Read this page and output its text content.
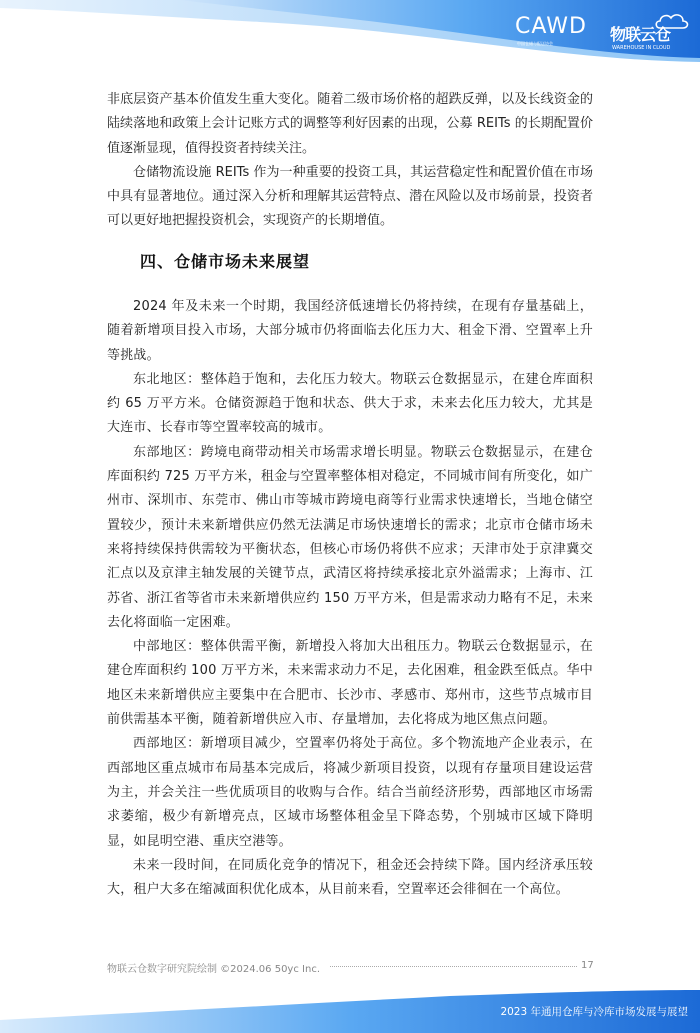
CAWD
中国仓储与配送协会	物联云仓
WAREHOUSE IN CLOUD

非底层资产基本价值发生重大变化。随着二级市场价格的超跌反弹，以及长线资金的陆续落地和政策上会计记账方式的调整等利好因素的出现，公募 REITs 的长期配置价值逐渐显现，值得投资者持续关注。

仓储物流设施 REITs 作为一种重要的投资工具，其运营稳定性和配置价值在市场中具有显著地位。通过深入分析和理解其运营特点、潜在风险以及市场前景，投资者可以更好地把握投资机会，实现资产的长期增值。

四、仓储市场未来展望

2024 年及未来一个时期，我国经济低速增长仍将持续，在现有存量基础上，随着新增项目投入市场，大部分城市仍将面临去化压力大、租金下滑、空置率上升等挑战。

东北地区：整体趋于饱和，去化压力较大。物联云仓数据显示，在建仓库面积约 65 万平方米。仓储资源趋于饱和状态、供大于求，未来去化压力较大，尤其是大连市、长春市等空置率较高的城市。

东部地区：跨境电商带动相关市场需求增长明显。物联云仓数据显示，在建仓库面积约 725 万平方米，租金与空置率整体相对稳定，不同城市间有所变化，如广州市、深圳市、东莞市、佛山市等城市跨境电商等行业需求快速增长，当地仓储空置较少，预计未来新增供应仍然无法满足市场快速增长的需求；北京市仓储市场未来将持续保持供需较为平衡状态，但核心市场仍将供不应求；天津市处于京津冀交汇点以及京津主轴发展的关键节点，武清区将持续承接北京外溢需求；上海市、江苏省、浙江省等省市未来新增供应约 150 万平方米，但是需求动力略有不足，未来去化将面临一定困难。

中部地区：整体供需平衡，新增投入将加大出租压力。物联云仓数据显示，在建仓库面积约 100 万平方米，未来需求动力不足，去化困难，租金跌至低点。华中地区未来新增供应主要集中在合肥市、长沙市、孝感市、郑州市，这些节点城市目前供需基本平衡，随着新增供应入市、存量增加，去化将成为地区焦点问题。

西部地区：新增项目减少，空置率仍将处于高位。多个物流地产企业表示，在西部地区重点城市布局基本完成后，将减少新项目投资，以现有存量项目建设运营为主，并会关注一些优质项目的收购与合作。结合当前经济形势，西部地区市场需求萎缩，极少有新增亮点，区域市场整体租金呈下降态势，个别城市区域下降明显，如昆明空港、重庆空港等。

未来一段时间，在同质化竞争的情况下，租金还会持续下降。国内经济承压较大，租户大多在缩减面积优化成本，从目前来看，空置率还会徘徊在一个高位。

物联云仓数字研究院绘制 ©2024.06 50yc Inc.	17
2023 年通用仓库与冷库市场发展与展望
